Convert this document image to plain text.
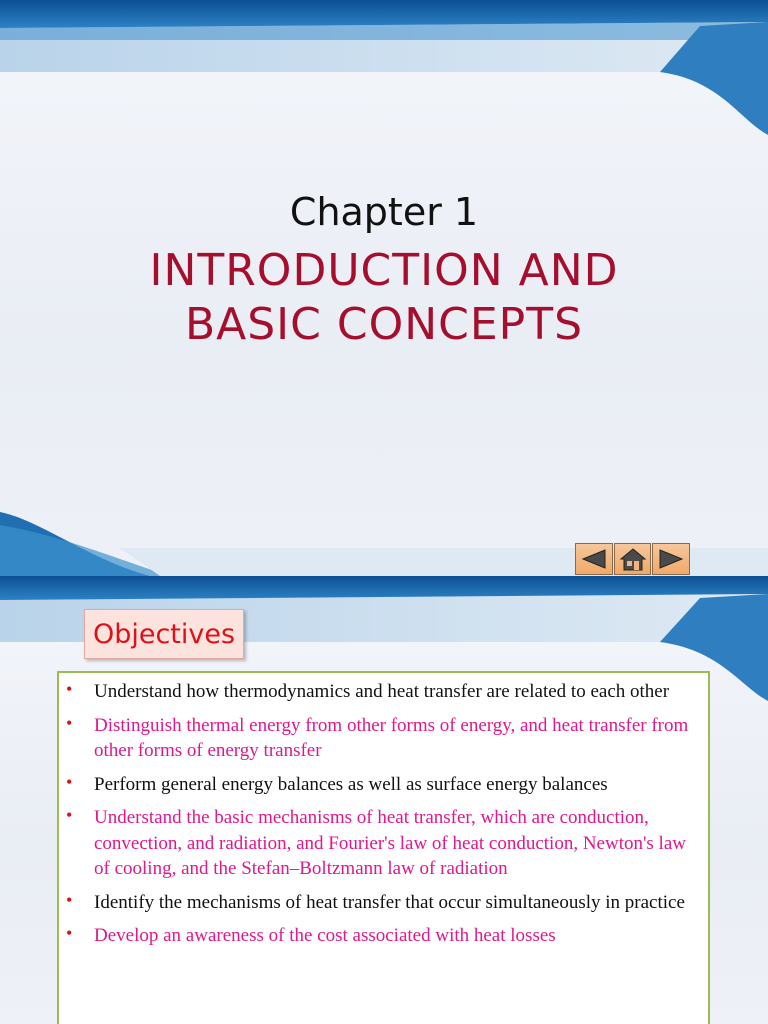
Chapter 1
INTRODUCTION AND
BASIC CONCEPTS
Objectives
• Understand how thermodynamics and heat transfer are related to each other
• Distinguish thermal energy from other forms of energy, and heat transfer from other forms of energy transfer
• Perform general energy balances as well as surface energy balances
• Understand the basic mechanisms of heat transfer, which are conduction, convection, and radiation, and Fourier's law of heat conduction, Newton's law of cooling, and the Stefan–Boltzmann law of radiation
• Identify the mechanisms of heat transfer that occur simultaneously in practice
• Develop an awareness of the cost associated with heat losses
